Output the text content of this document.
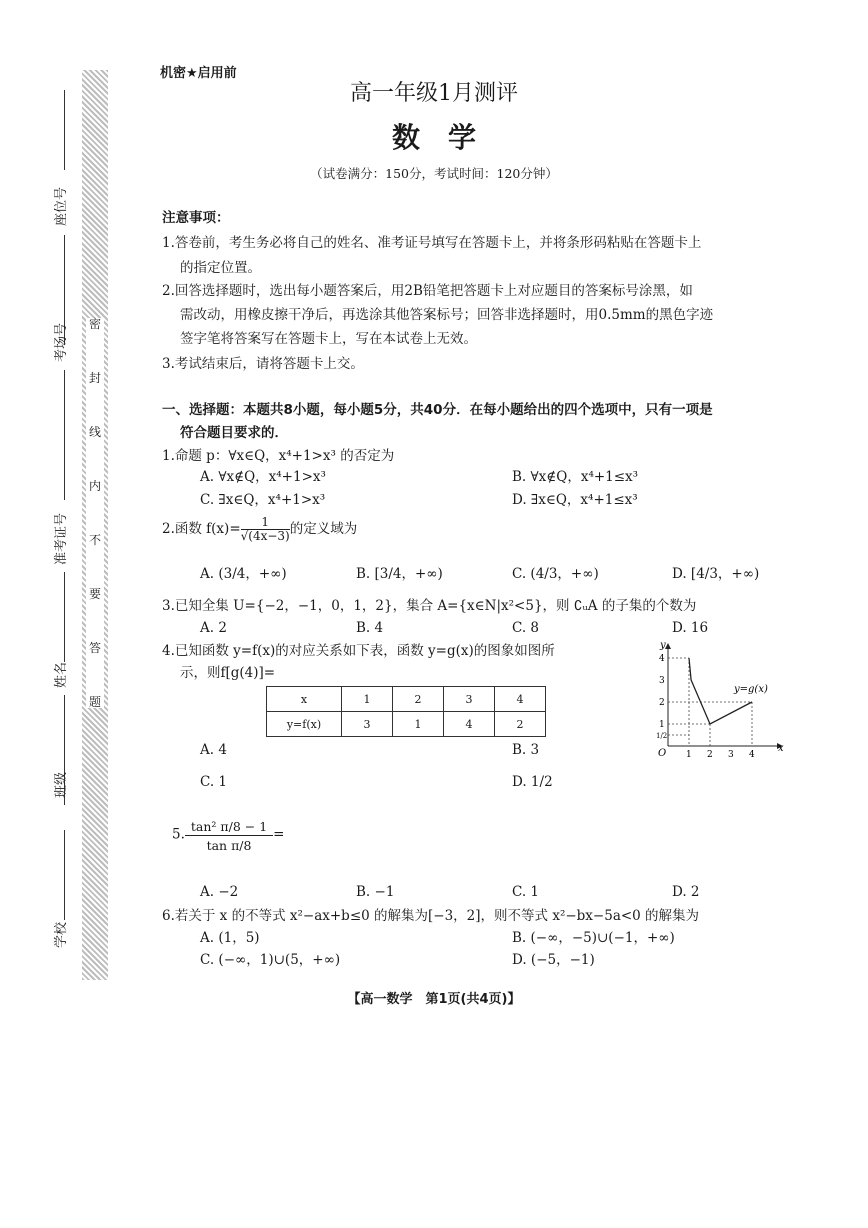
密
封
线
内
不
要
答
题
座位号
考场号
准考证号
姓名
班级
学校
机密★启用前
高一年级1月测评
数　学
（试卷满分：150分，考试时间：120分钟）
注意事项：
1.答卷前，考生务必将自己的姓名、准考证号填写在答题卡上，并将条形码粘贴在答题卡上
的指定位置。
2.回答选择题时，选出每小题答案后，用2B铅笔把答题卡上对应题目的答案标号涂黑，如
需改动，用橡皮擦干净后，再选涂其他答案标号；回答非选择题时，用0.5mm的黑色字迹
签字笔将答案写在答题卡上，写在本试卷上无效。
3.考试结束后，请将答题卡上交。
一、选择题：本题共8小题，每小题5分，共40分．在每小题给出的四个选项中，只有一项是
符合题目要求的．
1.命题 p：∀x∈Q，x⁴+1>x³ 的否定为
A. ∀x∉Q，x⁴+1>x³	B. ∀x∉Q，x⁴+1≤x³
C. ∃x∈Q，x⁴+1>x³	D. ∃x∈Q，x⁴+1≤x³
2.函数 $f(x)= \frac{1}{√(4x-3)}$ 的定义域为
A. (3/4，+∞)	B. [3/4，+∞)	C. (4/3，+∞)	D. [4/3，+∞)
3.已知全集 U={−2，−1，0，1，2}，集合 A={x∈N|x²<5}，则 ∁ᵤA 的子集的个数为
A. 2	B. 4	C. 8	D. 16
4.已知函数 y=f(x)的对应关系如下表，函数 y=g(x)的图象如图所
示，则f[g(4)]=
x	1	2	3	4
y=f(x)	3	1	4	2
A. 4	B. 3
C. 1	D. 1/2
x
y
O
y=g(x)
1 2 3 4
1/2
1
2
3
4
5. $\frac{\text{tan² π/8 − 1}}{\text{tan π/8}}$ =
A. −2	B. −1	C. 1	D. 2
6.若关于 x 的不等式 x²−ax+b≤0 的解集为[−3，2]，则不等式 x²−bx−5a<0 的解集为
A. (1，5)	B. (−∞，−5)∪(−1，+∞)
C. (−∞，1)∪(5，+∞)	D. (−5，−1)
【高一数学　第1页(共4页)】
